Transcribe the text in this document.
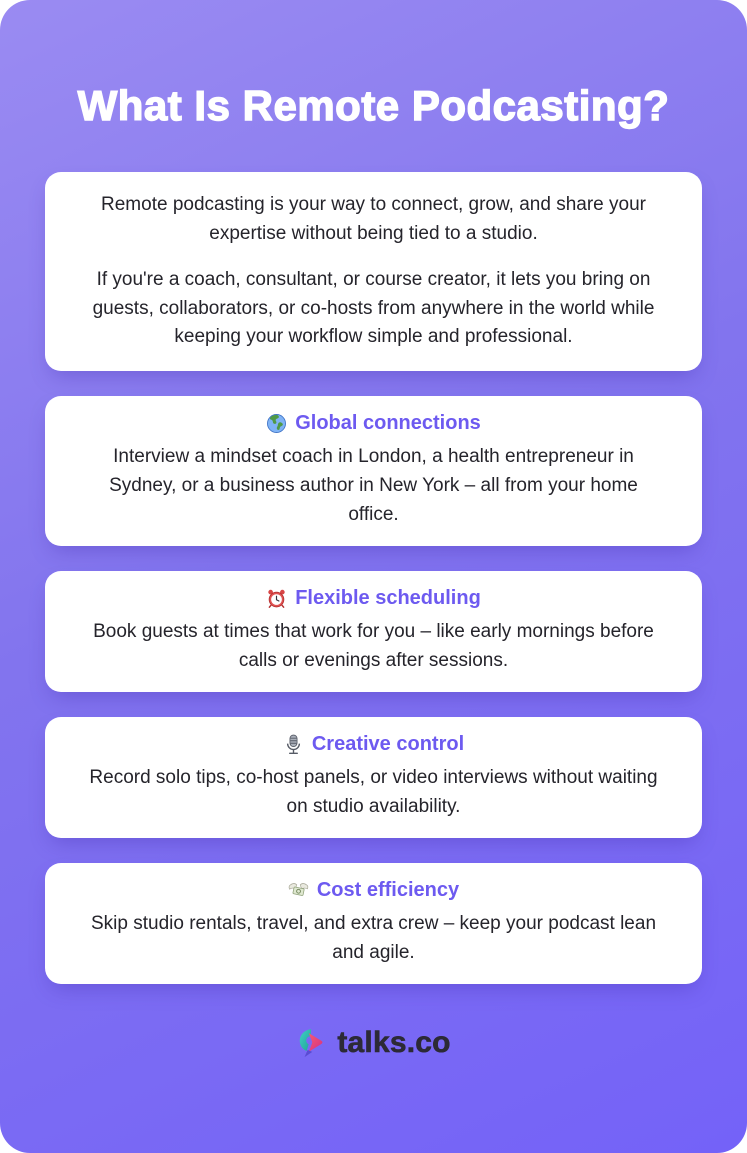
What Is Remote Podcasting?

Remote podcasting is your way to connect, grow, and share your expertise without being tied to a studio.

If you're a coach, consultant, or course creator, it lets you bring on guests, collaborators, or co-hosts from anywhere in the world while keeping your workflow simple and professional.

Global connections

Interview a mindset coach in London, a health entrepreneur in Sydney, or a business author in New York – all from your home office.

Flexible scheduling

Book guests at times that work for you – like early mornings before calls or evenings after sessions.

Creative control

Record solo tips, co-host panels, or video interviews without waiting on studio availability.

Cost efficiency

Skip studio rentals, travel, and extra crew – keep your podcast lean and agile.

talks.co
